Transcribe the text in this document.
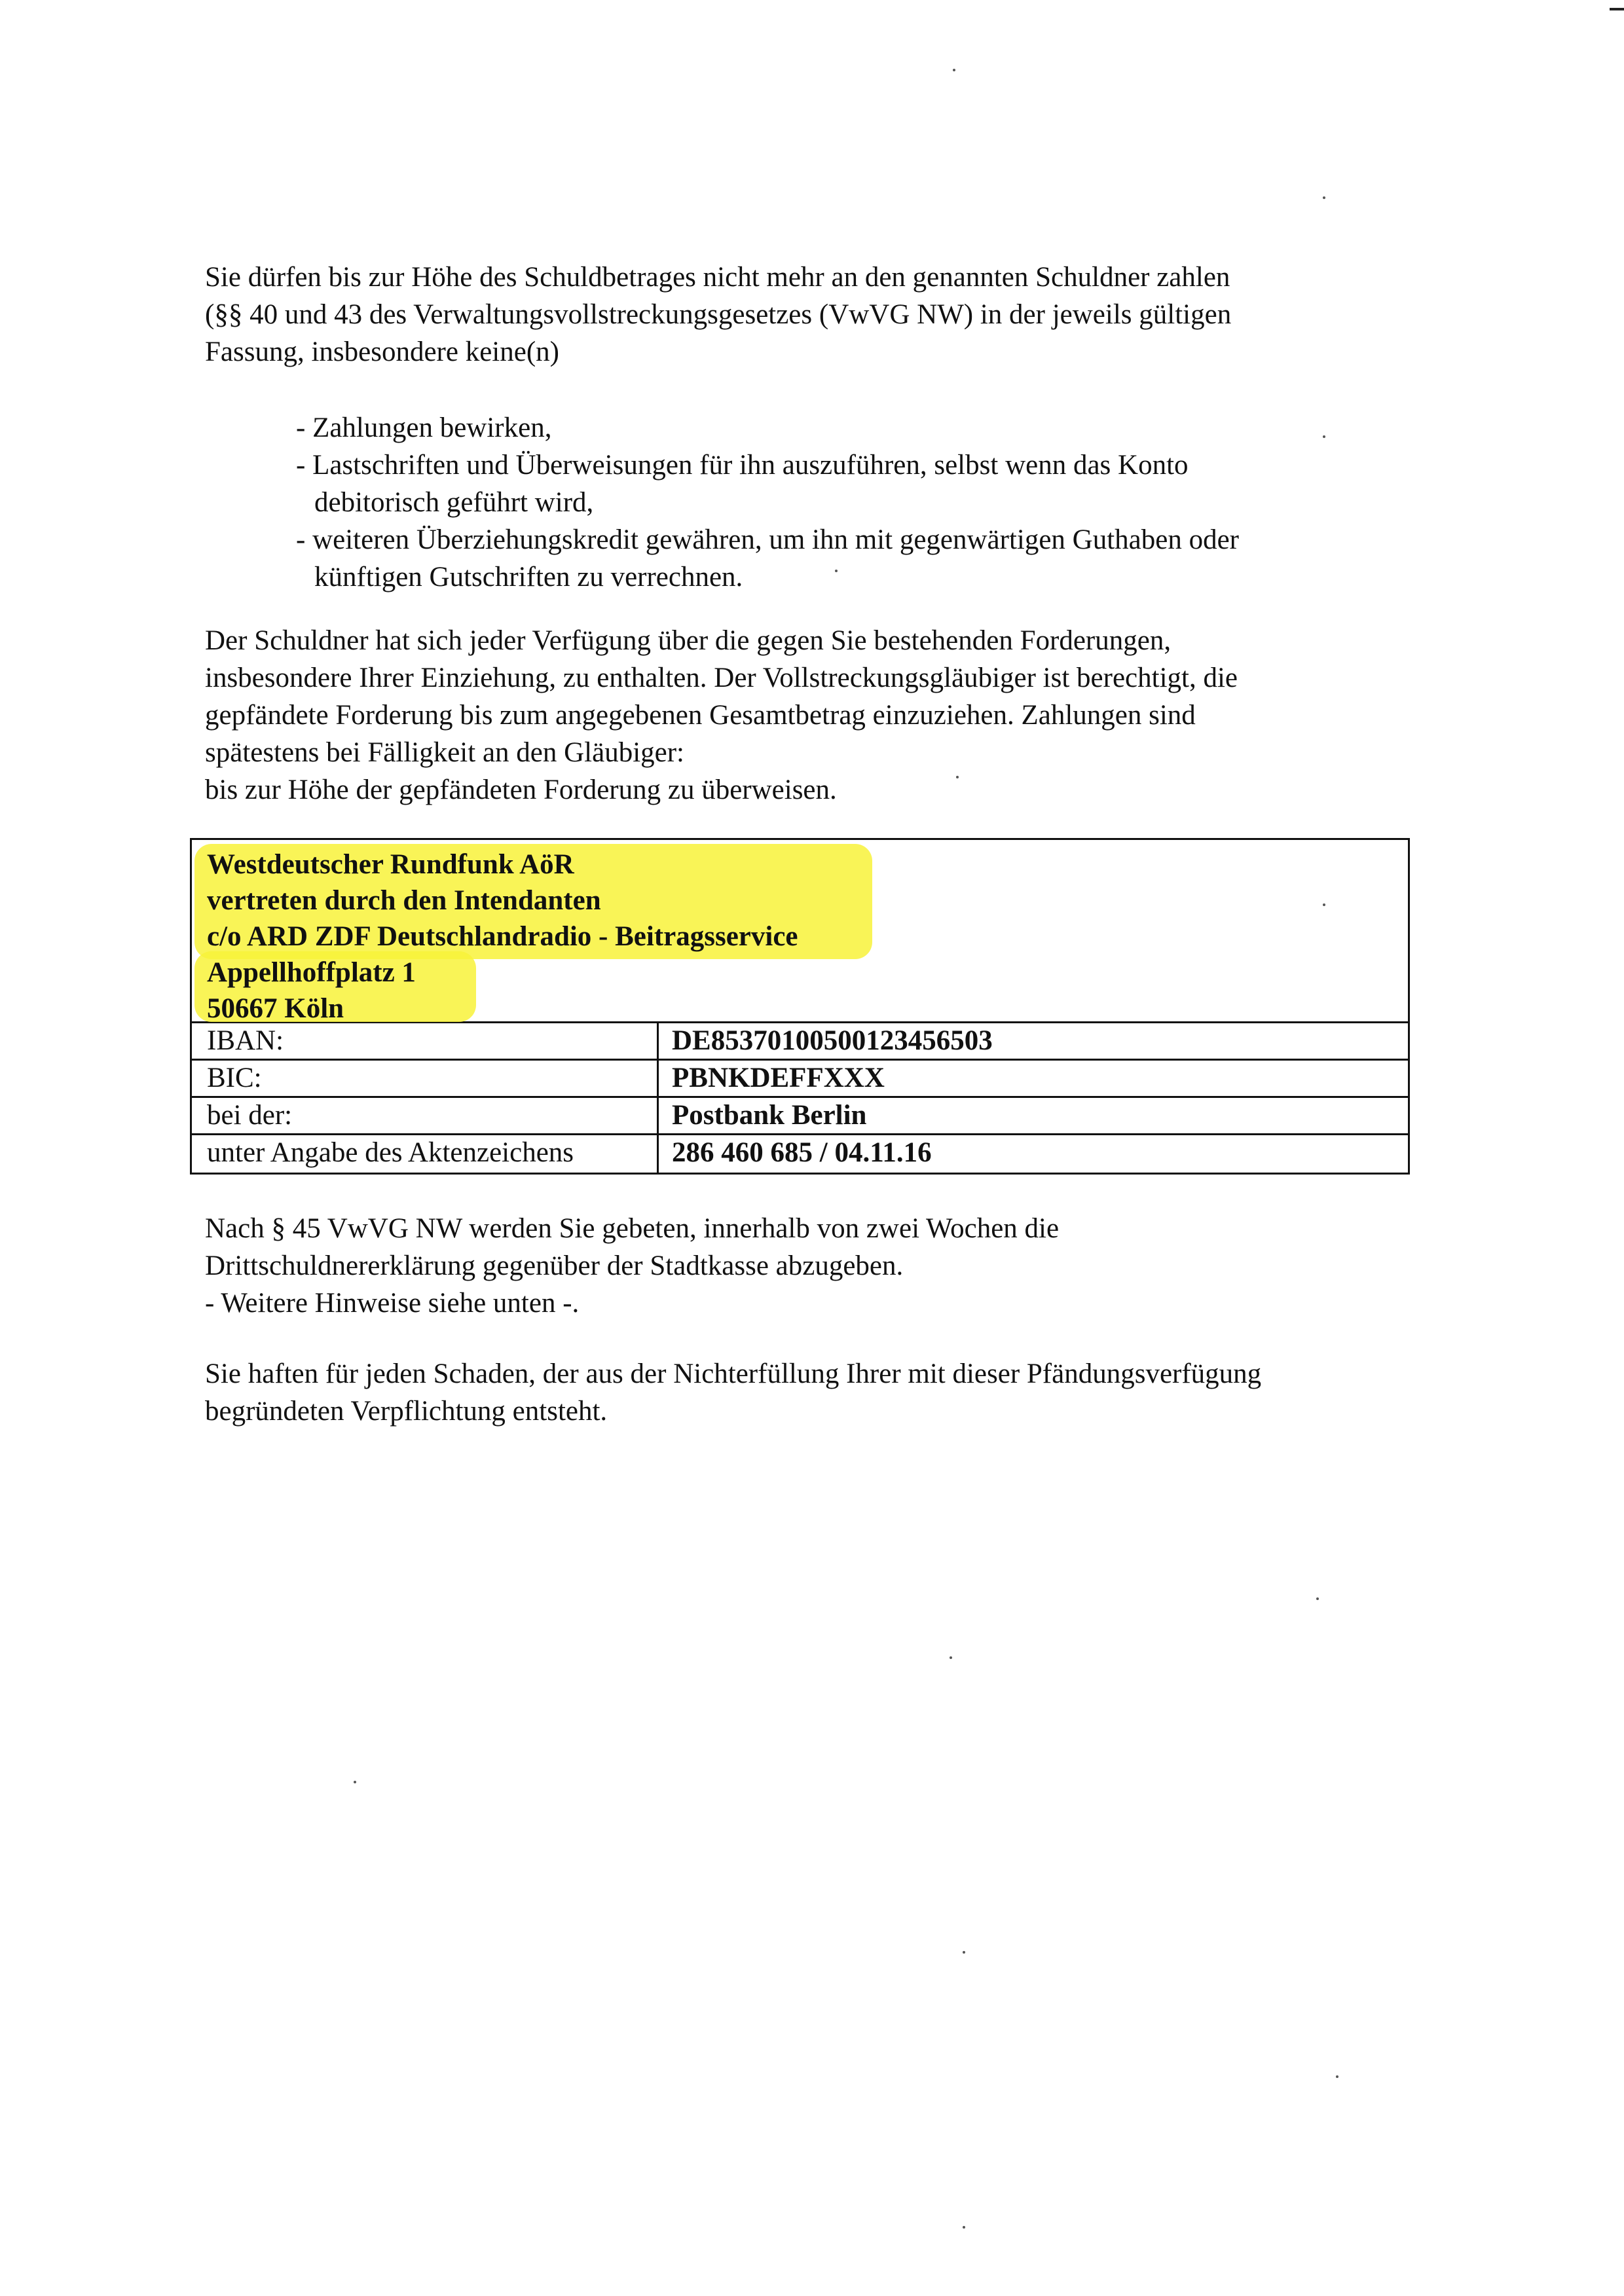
Sie dürfen bis zur Höhe des Schuldbetrages nicht mehr an den genannten Schuldner zahlen
(§§ 40 und 43 des Verwaltungsvollstreckungsgesetzes (VwVG NW) in der jeweils gültigen
Fassung, insbesondere keine(n)

- Zahlungen bewirken,
- Lastschriften und Überweisungen für ihn auszuführen, selbst wenn das Konto
debitorisch geführt wird,
- weiteren Überziehungskredit gewähren, um ihn mit gegenwärtigen Guthaben oder
künftigen Gutschriften zu verrechnen.

Der Schuldner hat sich jeder Verfügung über die gegen Sie bestehenden Forderungen,
insbesondere Ihrer Einziehung, zu enthalten. Der Vollstreckungsgläubiger ist berechtigt, die
gepfändete Forderung bis zum angegebenen Gesamtbetrag einzuziehen. Zahlungen sind
spätestens bei Fälligkeit an den Gläubiger:
bis zur Höhe der gepfändeten Forderung zu überweisen.

Westdeutscher Rundfunk AöR
vertreten durch den Intendanten
c/o ARD ZDF Deutschlandradio - Beitragsservice
Appellhoffplatz 1
50667 Köln
IBAN:	DE85370100500123456503
BIC:	PBNKDEFFXXX
bei der:	Postbank Berlin
unter Angabe des Aktenzeichens	286 460 685 / 04.11.16

Nach § 45 VwVG NW werden Sie gebeten, innerhalb von zwei Wochen die
Drittschuldnererklärung gegenüber der Stadtkasse abzugeben.
- Weitere Hinweise siehe unten -.

Sie haften für jeden Schaden, der aus der Nichterfüllung Ihrer mit dieser Pfändungsverfügung
begründeten Verpflichtung entsteht.
